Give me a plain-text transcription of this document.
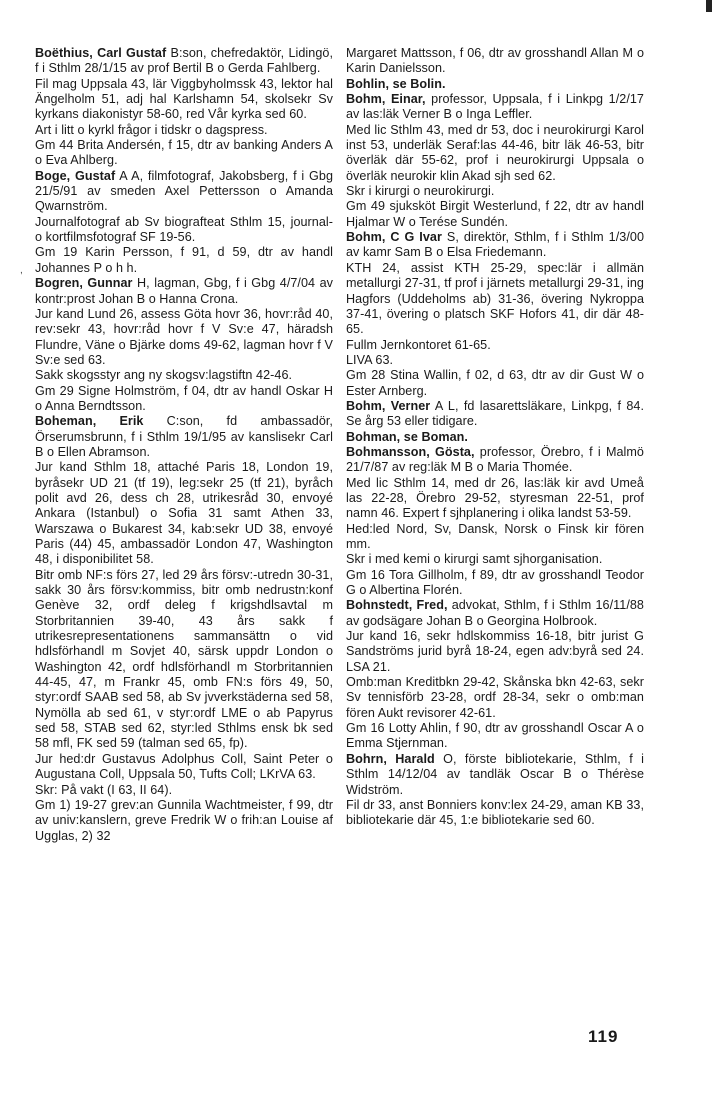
,

Boëthius, Carl Gustaf B:son, chefredaktör, Lidingö, f i Sthlm 28/1/15 av prof Bertil B o Gerda Fahlberg.

Fil mag Uppsala 43, lär Viggbyholmssk 43, lektor hal Ängelholm 51, adj hal Karlshamn 54, skolsekr Sv kyrkans diakonistyr 58-60, red Vår kyrka sed 60.

Art i litt o kyrkl frågor i tidskr o dagspress.

Gm 44 Brita Andersén, f 15, dtr av banking Anders A o Eva Ahlberg.

Boge, Gustaf A A, filmfotograf, Jakobsberg, f i Gbg 21/5/91 av smeden Axel Pettersson o Amanda Qwarnström.

Journalfotograf ab Sv biografteat Sthlm 15, journal- o kortfilmsfotograf SF 19-56.

Gm 19 Karin Persson, f 91, d 59, dtr av handl Johannes P o h h.

Bogren, Gunnar H, lagman, Gbg, f i Gbg 4/7/04 av kontr:prost Johan B o Hanna Crona.

Jur kand Lund 26, assess Göta hovr 36, hovr:råd 40, rev:sekr 43, hovr:råd hovr f V Sv:e 47, häradsh Flundre, Väne o Bjärke doms 49-62, lagman hovr f V Sv:e sed 63.

Sakk skogsstyr ang ny skogsv:lagstiftn 42-46.

Gm 29 Signe Holmström, f 04, dtr av handl Oskar H o Anna Berndtsson.

Boheman, Erik C:son, fd ambassadör, Örserumsbrunn, f i Sthlm 19/1/95 av kanslisekr Carl B o Ellen Abramson.

Jur kand Sthlm 18, attaché Paris 18, London 19, byråsekr UD 21 (tf 19), leg:sekr 25 (tf 21), byråch polit avd 26, dess ch 28, utrikesråd 30, envoyé Ankara (Istanbul) o Sofia 31 samt Athen 33, Warszawa o Bukarest 34, kab:sekr UD 38, envoyé Paris (44) 45, ambassadör London 47, Washington 48, i disponibilitet 58.

Bitr omb NF:s förs 27, led 29 års försv:-utredn 30-31, sakk 30 års försv:kommiss, bitr omb nedrustn:konf Genève 32, ordf deleg f krigshdlsavtal m Storbritannien 39-40, 43 års sakk f utrikesrepresentationens sammansättn o vid hdlsförhandl m Sovjet 40, särsk uppdr London o Washington 42, ordf hdlsförhandl m Storbritannien 44-45, 47, m Frankr 45, omb FN:s förs 49, 50, styr:ordf SAAB sed 58, ab Sv jvverkstäderna sed 58, Nymölla ab sed 61, v styr:ordf LME o ab Papyrus sed 58, STAB sed 62, styr:led Sthlms ensk bk sed 58 mfl, FK sed 59 (talman sed 65, fp).

Jur hed:dr Gustavus Adolphus Coll, Saint Peter o Augustana Coll, Uppsala 50, Tufts Coll; LKrVA 63.

Skr: På vakt (I 63, II 64).

Gm 1) 19-27 grev:an Gunnila Wachtmeister, f 99, dtr av univ:kanslern, greve Fredrik W o frih:an Louise af Ugglas, 2) 32

Margaret Mattsson, f 06, dtr av grosshandl Allan M o Karin Danielsson.

Bohlin, se Bolin.

Bohm, Einar, professor, Uppsala, f i Linkpg 1/2/17 av las:läk Verner B o Inga Leffler.

Med lic Sthlm 43, med dr 53, doc i neurokirurgi Karol inst 53, underläk Seraf:las 44-46, bitr läk 46-53, bitr överläk där 55-62, prof i neurokirurgi Uppsala o överläk neurokir klin Akad sjh sed 62.

Skr i kirurgi o neurokirurgi.

Gm 49 sjuksköt Birgit Westerlund, f 22, dtr av handl Hjalmar W o Terése Sundén.

Bohm, C G Ivar S, direktör, Sthlm, f i Sthlm 1/3/00 av kamr Sam B o Elsa Friedemann.

KTH 24, assist KTH 25-29, spec:lär i allmän metallurgi 27-31, tf prof i järnets metallurgi 29-31, ing Hagfors (Uddeholms ab) 31-36, övering Nykroppa 37-41, övering o platsch SKF Hofors 41, dir där 48-65.

Fullm Jernkontoret 61-65.

LIVA 63.

Gm 28 Stina Wallin, f 02, d 63, dtr av dir Gust W o Ester Arnberg.

Bohm, Verner A L, fd lasarettsläkare, Linkpg, f 84. Se årg 53 eller tidigare.

Bohman, se Boman.

Bohmansson, Gösta, professor, Örebro, f i Malmö 21/7/87 av reg:läk M B o Maria Thomée.

Med lic Sthlm 14, med dr 26, las:läk kir avd Umeå las 22-28, Örebro 29-52, styresman 22-51, prof namn 46. Expert f sjhplanering i olika landst 53-59.

Hed:led Nord, Sv, Dansk, Norsk o Finsk kir fören mm.

Skr i med kemi o kirurgi samt sjhorganisation.

Gm 16 Tora Gillholm, f 89, dtr av grosshandl Teodor G o Albertina Florén.

Bohnstedt, Fred, advokat, Sthlm, f i Sthlm 16/11/88 av godsägare Johan B o Georgina Holbrook.

Jur kand 16, sekr hdlskommiss 16-18, bitr jurist G Sandströms jurid byrå 18-24, egen adv:byrå sed 24. LSA 21.

Omb:man Kreditbkn 29-42, Skånska bkn 42-63, sekr Sv tennisförb 23-28, ordf 28-34, sekr o omb:man fören Aukt revisorer 42-61.

Gm 16 Lotty Ahlin, f 90, dtr av grosshandl Oscar A o Emma Stjernman.

Bohrn, Harald O, förste bibliotekarie, Sthlm, f i Sthlm 14/12/04 av tandläk Oscar B o Thérèse Widström.

Fil dr 33, anst Bonniers konv:lex 24-29, aman KB 33, bibliotekarie där 45, 1:e bibliotekarie sed 60.

119
